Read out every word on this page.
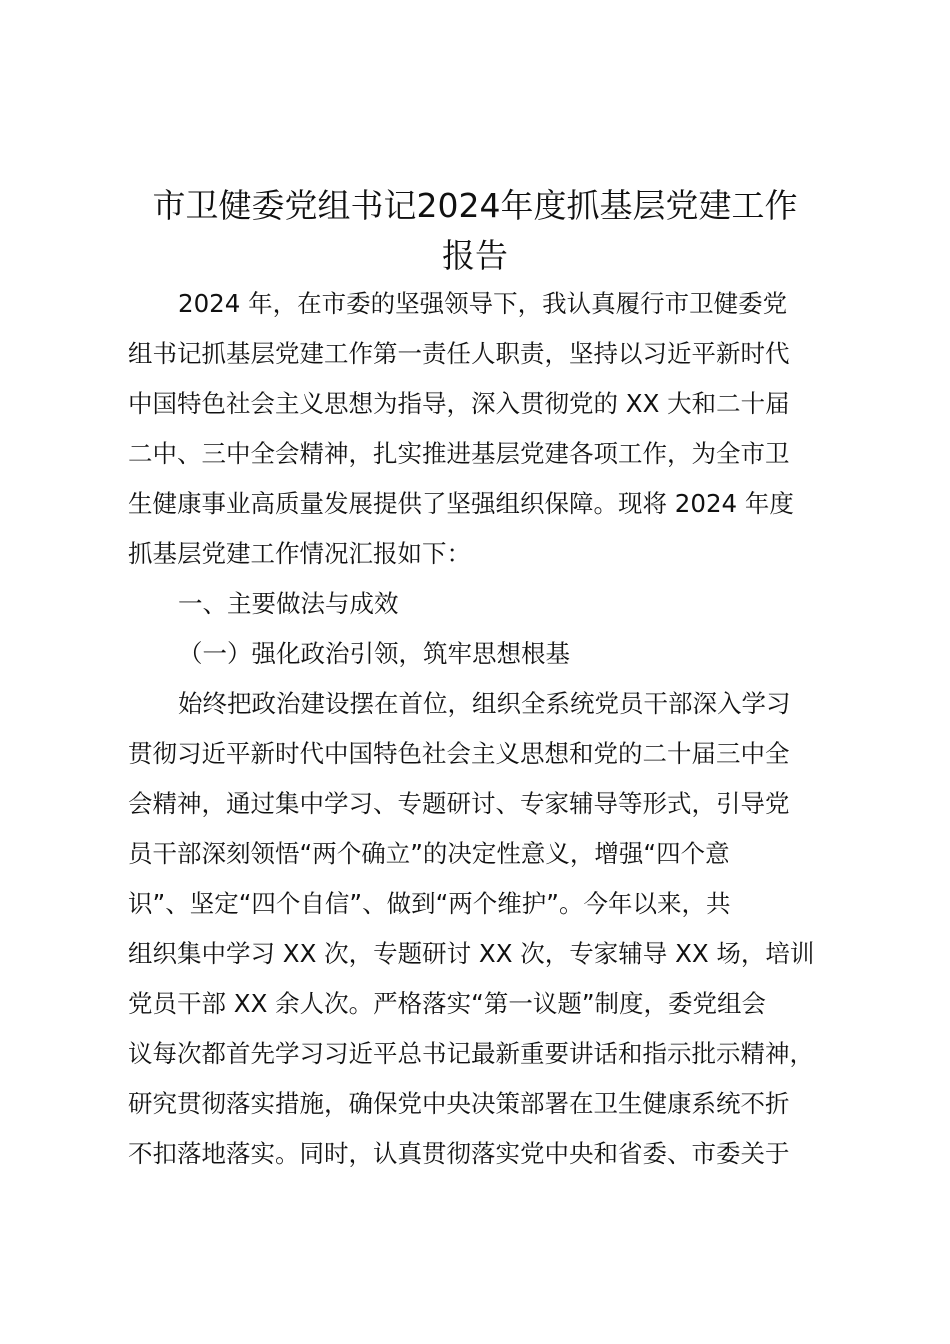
市卫健委党组书记2024年度抓基层党建工作
报告

2024 年，在市委的坚强领导下，我认真履行市卫健委党

组书记抓基层党建工作第一责任人职责，坚持以习近平新时代

中国特色社会主义思想为指导，深入贯彻党的 XX 大和二十届

二中、三中全会精神，扎实推进基层党建各项工作，为全市卫

生健康事业高质量发展提供了坚强组织保障。现将 2024 年度

抓基层党建工作情况汇报如下：

一、主要做法与成效

（一）强化政治引领，筑牢思想根基

始终把政治建设摆在首位，组织全系统党员干部深入学习

贯彻习近平新时代中国特色社会主义思想和党的二十届三中全

会精神，通过集中学习、专题研讨、专家辅导等形式，引导党

员干部深刻领悟“两个确立”的决定性意义，增强“四个意

识”、坚定“四个自信”、做到“两个维护”。今年以来，共

组织集中学习 XX 次，专题研讨 XX 次，专家辅导 XX 场，培训

党员干部 XX 余人次。严格落实“第一议题”制度，委党组会

议每次都首先学习习近平总书记最新重要讲话和指示批示精神，

研究贯彻落实措施，确保党中央决策部署在卫生健康系统不折

不扣落地落实。同时，认真贯彻落实党中央和省委、市委关于
